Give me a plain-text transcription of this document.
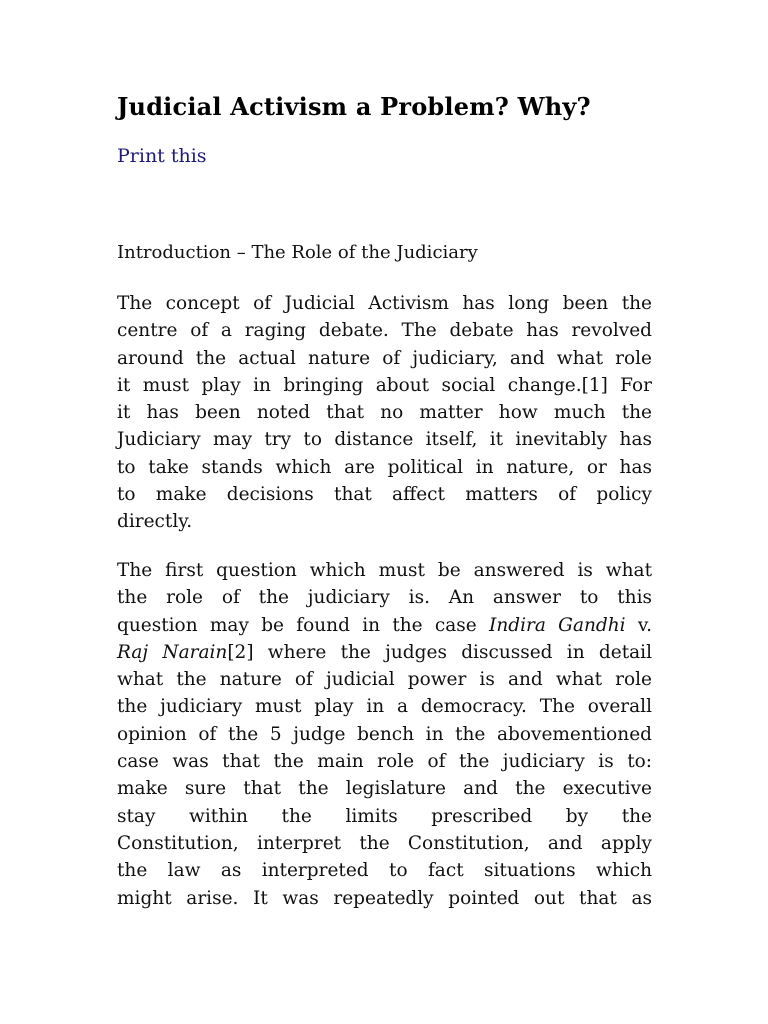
Judicial Activism a Problem? Why?
Print this
Introduction – The Role of the Judiciary

The concept of Judicial Activism has long been the
centre of a raging debate. The debate has revolved
around the actual nature of judiciary, and what role
it must play in bringing about social change.[1] For
it has been noted that no matter how much the
Judiciary may try to distance itself, it inevitably has
to take stands which are political in nature, or has
to make decisions that affect matters of policy
directly.

The first question which must be answered is what
the role of the judiciary is. An answer to this
question may be found in the case Indira Gandhi v.
Raj Narain[2] where the judges discussed in detail
what the nature of judicial power is and what role
the judiciary must play in a democracy. The overall
opinion of the 5 judge bench in the abovementioned
case was that the main role of the judiciary is to:
make sure that the legislature and the executive
stay within the limits prescribed by the
Constitution, interpret the Constitution, and apply
the law as interpreted to fact situations which
might arise. It was repeatedly pointed out that as
